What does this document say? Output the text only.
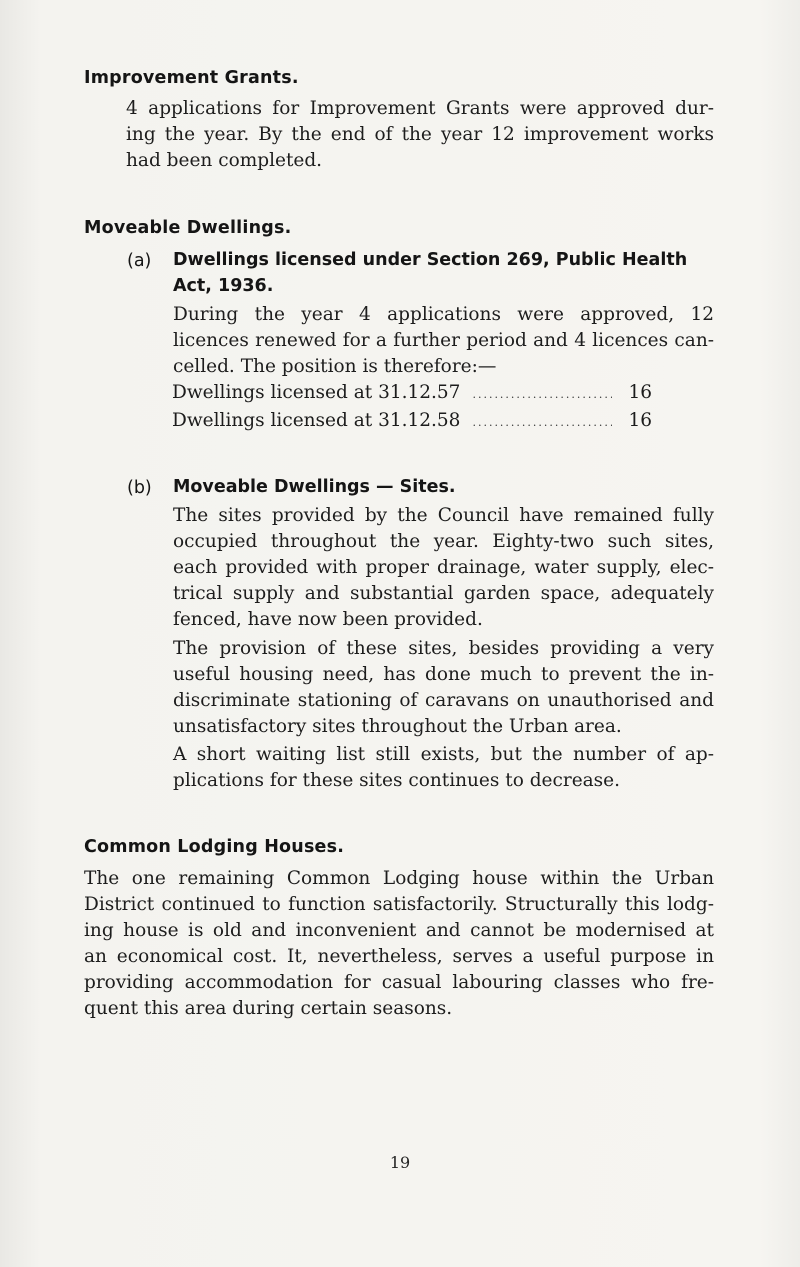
Improvement Grants.
4 applications for Improvement Grants were approved dur-
ing the year. By the end of the year 12 improvement works
had been completed.
Moveable Dwellings.
(a) Dwellings licensed under Section 269, Public Health
Act, 1936.
During the year 4 applications were approved, 12
licences renewed for a further period and 4 licences can-
celled. The position is therefore:—
Dwellings licensed at 31.12.57 .....	16
Dwellings licensed at 31.12.58 .....	16
(b) Moveable Dwellings — Sites.
The sites provided by the Council have remained fully
occupied throughout the year. Eighty-two such sites,
each provided with proper drainage, water supply, elec-
trical supply and substantial garden space, adequately
fenced, have now been provided.
The provision of these sites, besides providing a very
useful housing need, has done much to prevent the in-
discriminate stationing of caravans on unauthorised and
unsatisfactory sites throughout the Urban area.
A short waiting list still exists, but the number of ap-
plications for these sites continues to decrease.
Common Lodging Houses.
The one remaining Common Lodging house within the Urban
District continued to function satisfactorily. Structurally this lodg-
ing house is old and inconvenient and cannot be modernised at
an economical cost. It, nevertheless, serves a useful purpose in
providing accommodation for casual labouring classes who fre-
quent this area during certain seasons.
19
